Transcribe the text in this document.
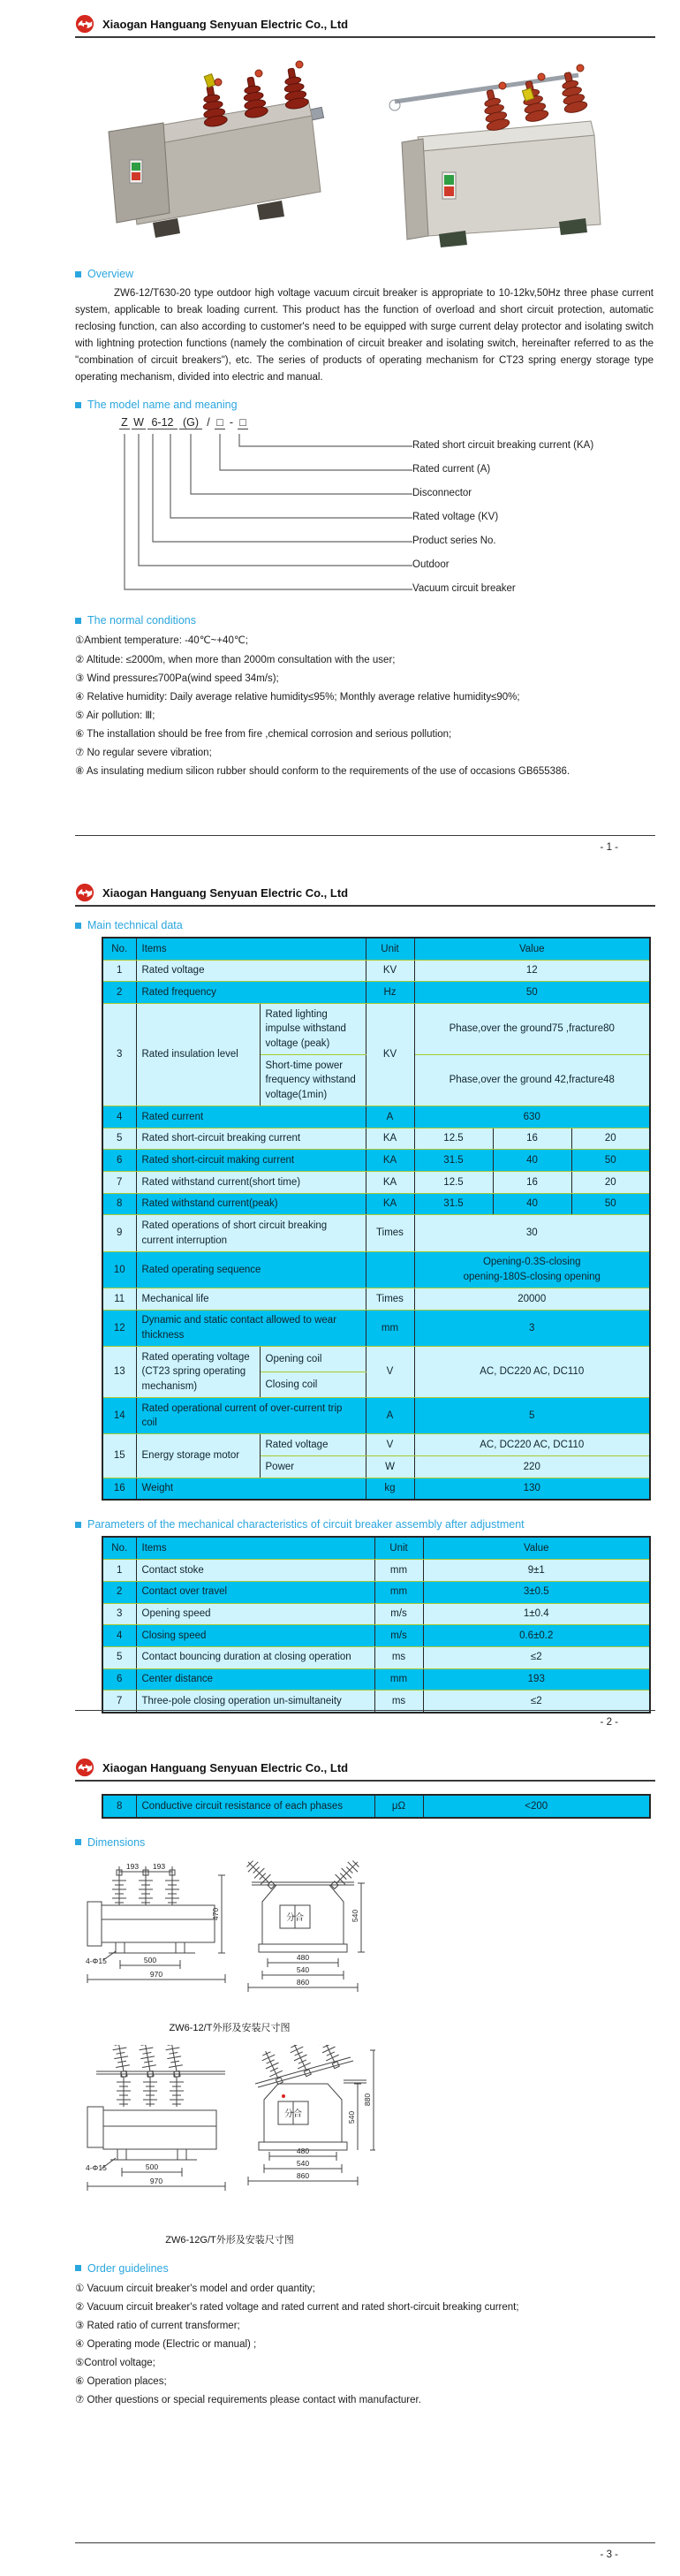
Xiaogan Hanguang Senyuan Electric Co., Ltd
Overview

ZW6-12/T630-20 type outdoor high voltage vacuum circuit breaker is appropriate to 10-12kv,50Hz three phase current system, applicable to break loading current. This product has the function of overload and short circuit protection, automatic reclosing function, can also according to customer's need to be equipped with surge current delay protector and isolating switch with lightning protection functions (namely the combination of circuit breaker and isolating switch, hereinafter referred to as the "combination of circuit breakers"), etc. The series of products of operating mechanism for CT23 spring energy storage type operating mechanism, divided into electric and manual.

The model name and meaning
Z W 6-12 (G) / □ - □
Rated short circuit breaking current (KA)
Rated current (A)
Disconnector
Rated voltage (KV)
Product series No.
Outdoor
Vacuum circuit breaker
The normal conditions
①Ambient temperature: -40℃~+40℃;
② Altitude: ≤2000m, when more than 2000m consultation with the user;
③ Wind pressure≤700Pa(wind speed 34m/s);
④ Relative humidity: Daily average relative humidity≤95%; Monthly average relative humidity≤90%;
⑤ Air pollution: Ⅲ;
⑥ The installation should be free from fire ,chemical corrosion and serious pollution;
⑦ No regular severe vibration;
⑧ As insulating medium silicon rubber should conform to the requirements of the use of occasions GB655386.
- 1 -
Xiaogan Hanguang Senyuan Electric Co., Ltd
Main technical data
No.	Items		Unit	Value		
1	Rated voltage		KV	12		
2	Rated frequency		Hz	50		
3	Rated insulation level	Rated lighting impulse withstand voltage (peak)	KV	Phase,over the ground75 ,fracture80		
		Short-time power frequency withstand voltage(1min)		Phase,over the ground 42,fracture48		
4	Rated current		A	630		
5	Rated short-circuit breaking current		KA	12.5	16	20
6	Rated short-circuit making current		KA	31.5	40	50
7	Rated withstand current(short time)		KA	12.5	16	20
8	Rated withstand current(peak)		KA	31.5	40	50
9	Rated operations of short circuit breaking current interruption		Times	30		
10	Rated operating sequence			Opening-0.3S-closing
opening-180S-closing opening		

11	Mechanical life		Times	20000		
12	Dynamic and static contact allowed to wear thickness		mm	3		
13	Rated operating voltage (CT23 spring operating mechanism)	Opening coil	V	AC, DC220 AC, DC110		
		Closing coil				
14	Rated operational current of over-current trip coil		A	5		
15	Energy storage motor	Rated voltage	V	AC, DC220 AC, DC110		
		Power	W	220		
16	Weight		kg	130		
Parameters of the mechanical characteristics of circuit breaker assembly after adjustment
No.	Items	Unit	Value
1	Contact stoke	mm	9±1
2	Contact over travel	mm	3±0.5
3	Opening speed	m/s	1±0.4
4	Closing speed	m/s	0.6±0.2
5	Contact bouncing duration at closing operation	ms	≤2
6	Center distance	mm	193
7	Three-pole closing operation un-simultaneity	ms	≤2
- 2 -
Xiaogan Hanguang Senyuan Electric Co., Ltd
8	Conductive circuit resistance of each phases	μΩ	<200
Dimensions
193 193
500
970
4-Φ15
470	分合
480
540
860
540
ZW6-12/T外形及安装尺寸图
4-Φ15	500
970
分合
480
540
860
540
880
ZW6-12G/T外形及安装尺寸图
Order guidelines
① Vacuum circuit breaker's model and order quantity;
② Vacuum circuit breaker's rated voltage and rated current and rated short-circuit breaking current;
③ Rated ratio of current transformer;
④ Operating mode (Electric or manual) ;
⑤Control voltage;
⑥ Operation places;
⑦ Other questions or special requirements please contact with manufacturer.
- 3 -
